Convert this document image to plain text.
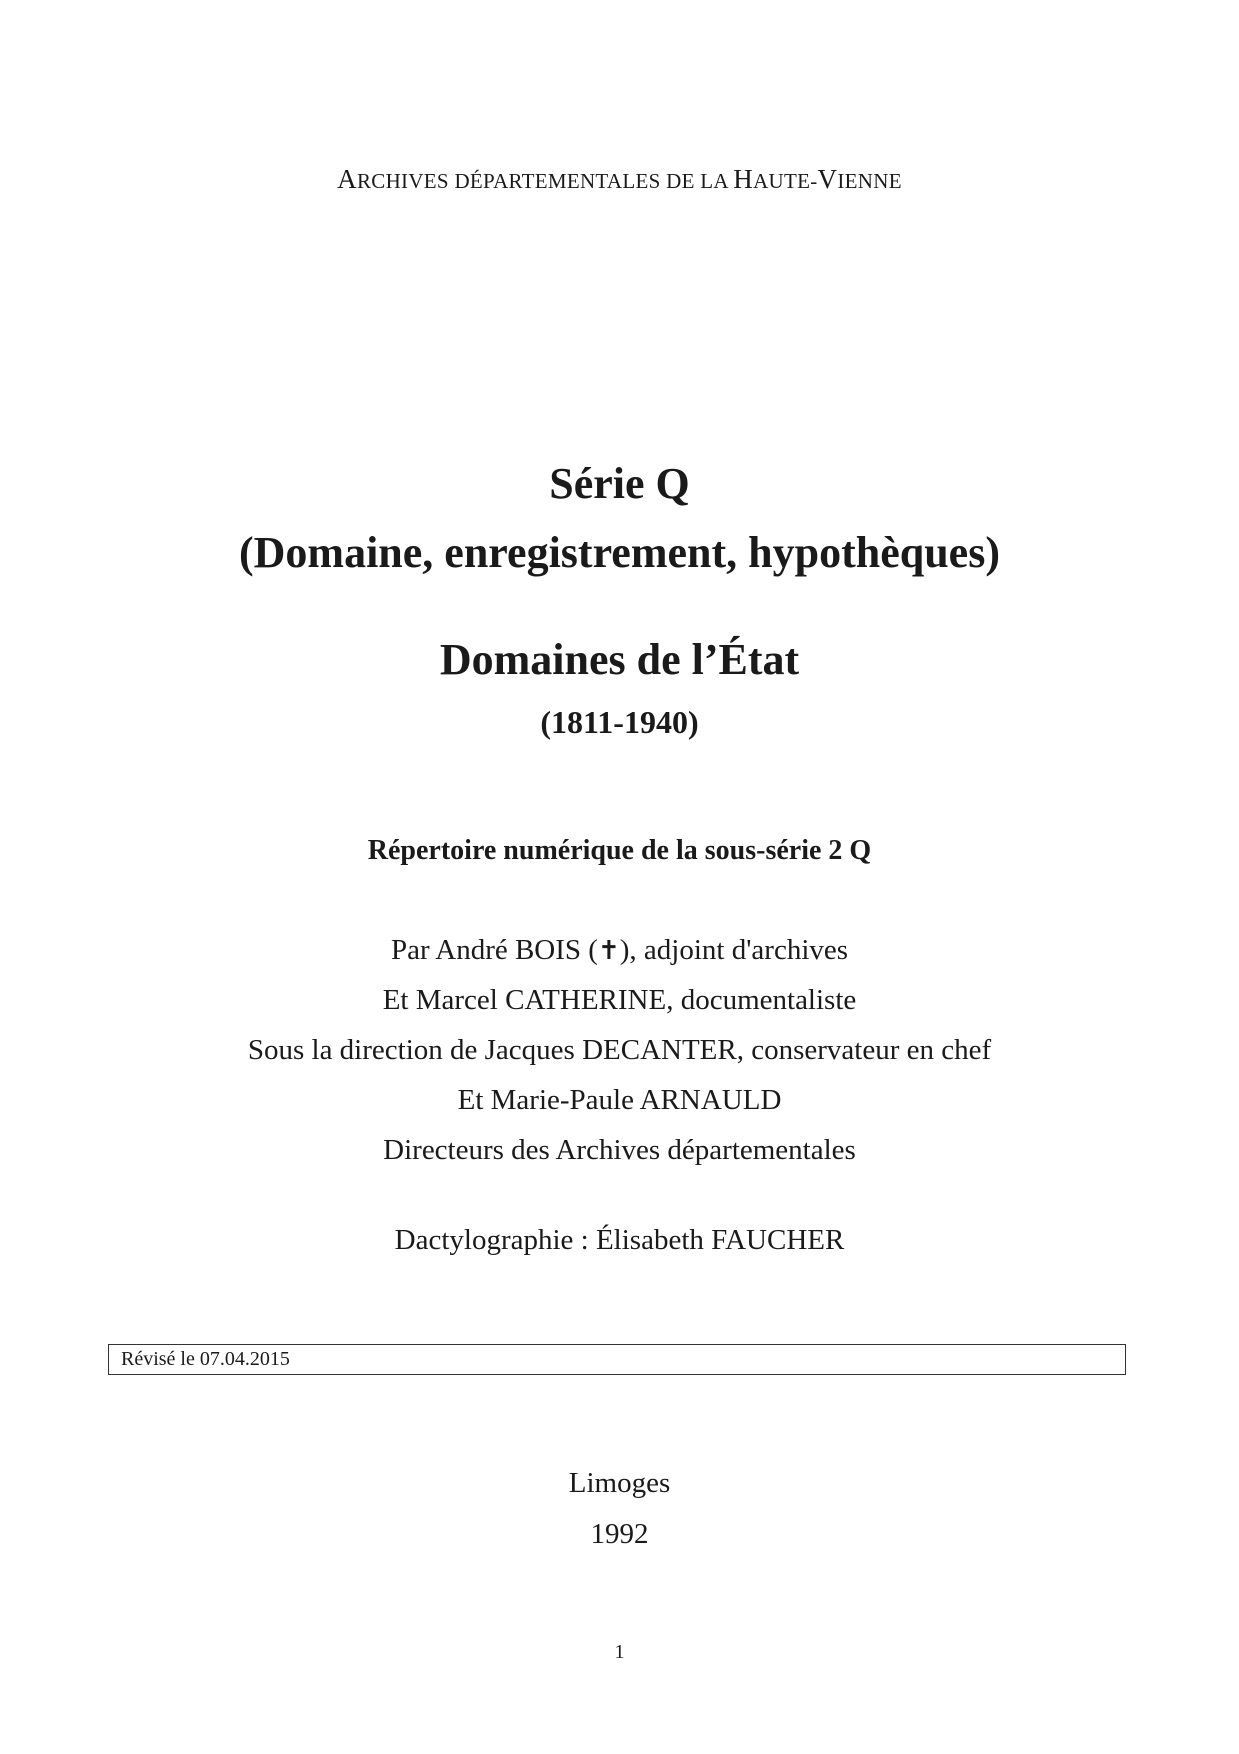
ARCHIVES DÉPARTEMENTALES DE LA HAUTE-VIENNE
Série Q
(Domaine, enregistrement, hypothèques)
Domaines de l’État
(1811-1940)
Répertoire numérique de la sous-série 2 Q
Par André BOIS (✝), adjoint d'archives
Et Marcel CATHERINE, documentaliste
Sous la direction de Jacques DECANTER, conservateur en chef
Et Marie-Paule ARNAULD
Directeurs des Archives départementales
Dactylographie : Élisabeth FAUCHER
Révisé le 07.04.2015
Limoges
1992
1
